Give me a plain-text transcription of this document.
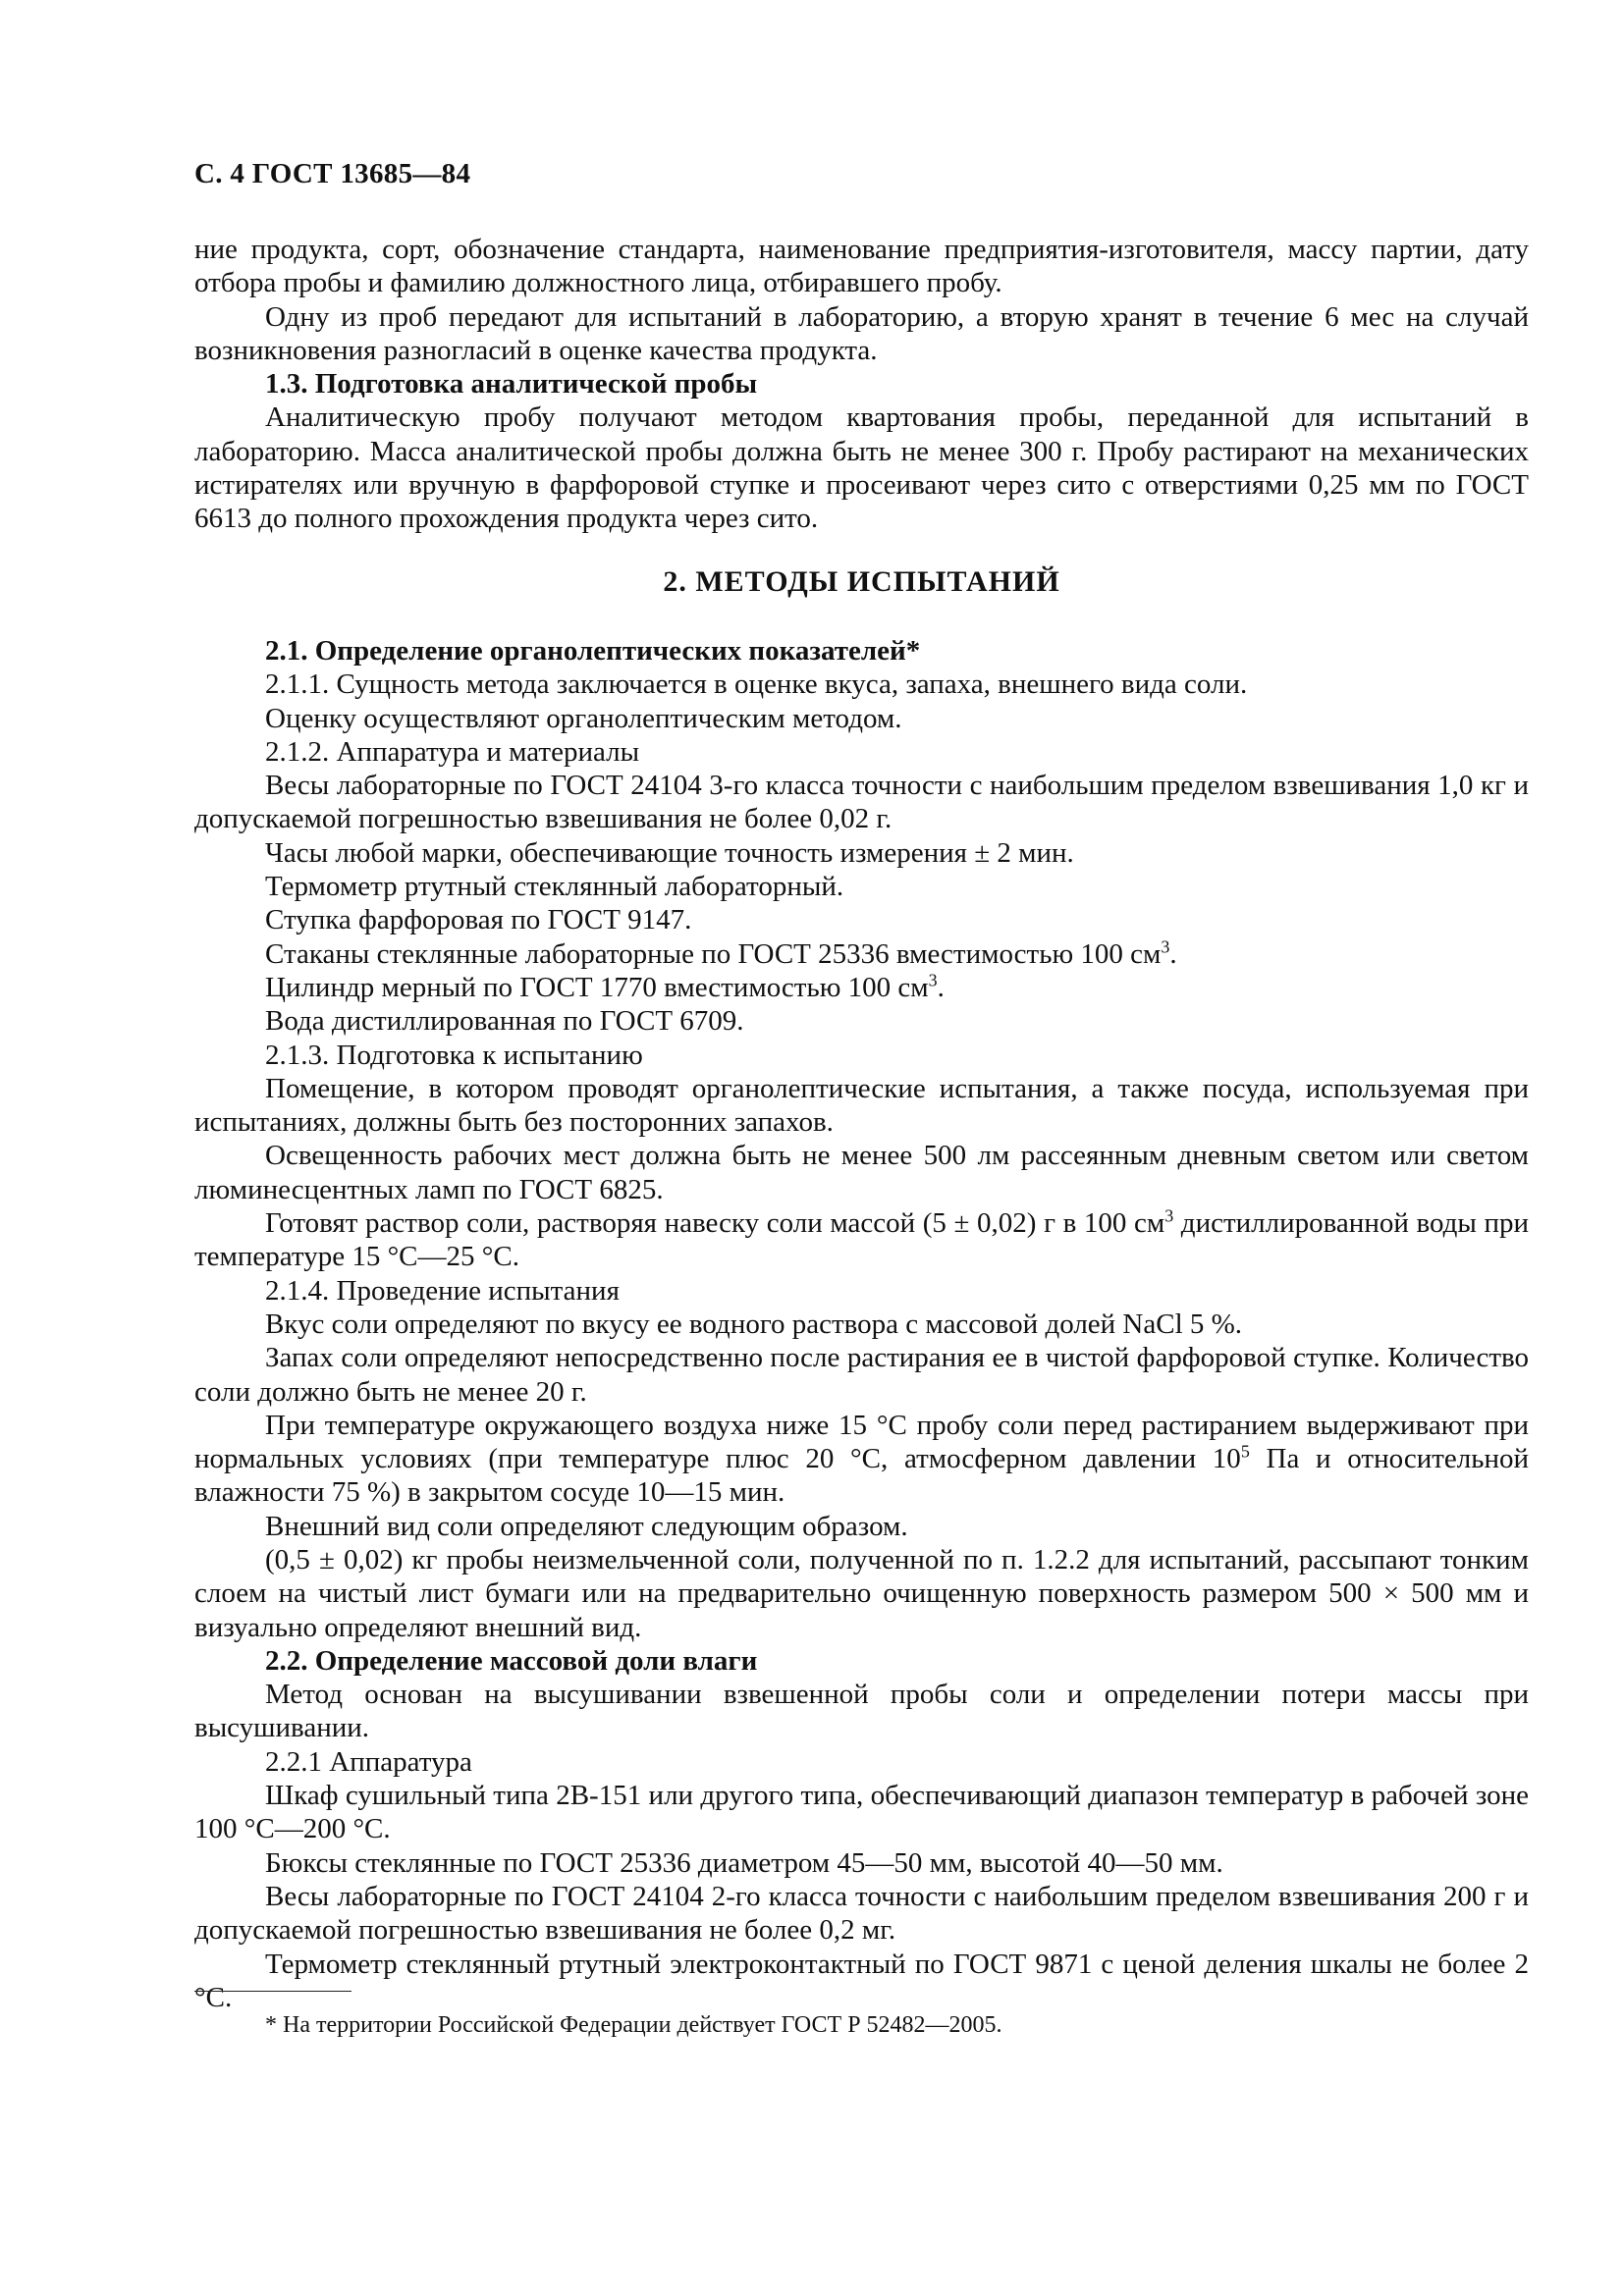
С. 4 ГОСТ 13685—84

ние продукта, сорт, обозначение стандарта, наименование предприятия-изготовителя, массу партии, дату отбора пробы и фамилию должностного лица, отбиравшего пробу.

Одну из проб передают для испытаний в лабораторию, а вторую хранят в течение 6 мес на случай возникновения разногласий в оценке качества продукта.

1.3. Подготовка аналитической пробы

Аналитическую пробу получают методом квартования пробы, переданной для испытаний в лабораторию. Масса аналитической пробы должна быть не менее 300 г. Пробу растирают на механических истирателях или вручную в фарфоровой ступке и просеивают через сито с отверстиями 0,25 мм по ГОСТ 6613 до полного прохождения продукта через сито.

2. МЕТОДЫ ИСПЫТАНИЙ

2.1. Определение органолептических показателей*

2.1.1. Сущность метода заключается в оценке вкуса, запаха, внешнего вида соли.

Оценку осуществляют органолептическим методом.

2.1.2. Аппаратура и материалы

Весы лабораторные по ГОСТ 24104 3-го класса точности с наибольшим пределом взвешивания 1,0 кг и допускаемой погрешностью взвешивания не более 0,02 г.

Часы любой марки, обеспечивающие точность измерения ± 2 мин.

Термометр ртутный стеклянный лабораторный.

Ступка фарфоровая по ГОСТ 9147.

Стаканы стеклянные лабораторные по ГОСТ 25336 вместимостью 100 $см^3$.

Цилиндр мерный по ГОСТ 1770 вместимостью 100 $см^3$.

Вода дистиллированная по ГОСТ 6709.

2.1.3. Подготовка к испытанию

Помещение, в котором проводят органолептические испытания, а также посуда, используемая при испытаниях, должны быть без посторонних запахов.

Освещенность рабочих мест должна быть не менее 500 лм рассеянным дневным светом или светом люминесцентных ламп по ГОСТ 6825.

Готовят раствор соли, растворяя навеску соли массой (5 ± 0,02) г в 100 $см^3$ дистиллированной воды при температуре 15 °С—25 °С.

2.1.4. Проведение испытания

Вкус соли определяют по вкусу ее водного раствора с массовой долей NaCl 5 %.

Запах соли определяют непосредственно после растирания ее в чистой фарфоровой ступке. Количество соли должно быть не менее 20 г.

При температуре окружающего воздуха ниже 15 °С пробу соли перед растиранием выдерживают при нормальных условиях (при температуре плюс 20 °С, атмосферном давлении $10^5$ Па и относительной влажности 75 %) в закрытом сосуде 10—15 мин.

Внешний вид соли определяют следующим образом.

(0,5 ± 0,02) кг пробы неизмельченной соли, полученной по п. 1.2.2 для испытаний, рассыпают тонким слоем на чистый лист бумаги или на предварительно очищенную поверхность размером 500 × 500 мм и визуально определяют внешний вид.

2.2. Определение массовой доли влаги

Метод основан на высушивании взвешенной пробы соли и определении потери массы при высушивании.

2.2.1 Аппаратура

Шкаф сушильный типа 2В-151 или другого типа, обеспечивающий диапазон температур в рабочей зоне 100 °С—200 °С.

Бюксы стеклянные по ГОСТ 25336 диаметром 45—50 мм, высотой 40—50 мм.

Весы лабораторные по ГОСТ 24104 2-го класса точности с наибольшим пределом взвешивания 200 г и допускаемой погрешностью взвешивания не более 0,2 мг.

Термометр стеклянный ртутный электроконтактный по ГОСТ 9871 с ценой деления шкалы не более 2 °С.

* На территории Российской Федерации действует ГОСТ Р 52482—2005.
